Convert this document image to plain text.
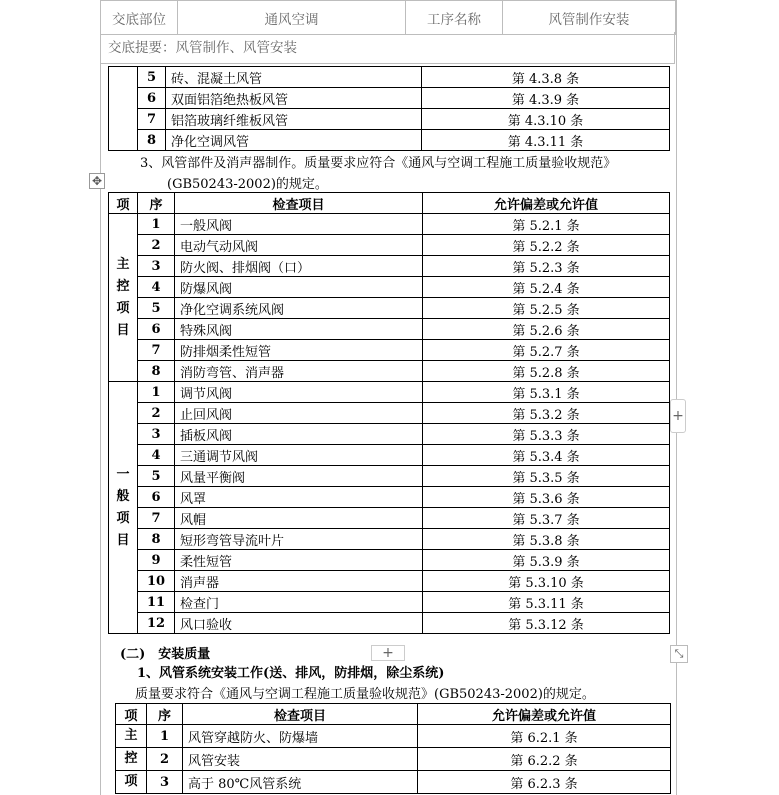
交底部位	通风空调	工序名称	风管制作安装
交底提要：风管制作、风管安装
	5	砖、混凝土风管	第 4.3.8 条
	6	双面铝箔绝热板风管	第 4.3.9 条
	7	铝箔玻璃纤维板风管	第 4.3.10 条
	8	净化空调风管	第 4.3.11 条
3、风管部件及消声器制作。质量要求应符合《通风与空调工程施工质量验收规范》
(GB50243-2002)的规定。
项	序	检查项目	允许偏差或允许值

主
控
项
目	1	一般风阀	第 5.2.1 条
	2	电动气动风阀	第 5.2.2 条
	3	防火阀、排烟阀（口）	第 5.2.3 条
	4	防爆风阀	第 5.2.4 条
	5	净化空调系统风阀	第 5.2.5 条
	6	特殊风阀	第 5.2.6 条
	7	防排烟柔性短管	第 5.2.7 条
	8	消防弯管、消声器	第 5.2.8 条

一
般
项
目	1	调节风阀	第 5.3.1 条
	2	止回风阀	第 5.3.2 条
	3	插板风阀	第 5.3.3 条
	4	三通调节风阀	第 5.3.4 条
	5	风量平衡阀	第 5.3.5 条
	6	风罩	第 5.3.6 条
	7	风帽	第 5.3.7 条
	8	短形弯管导流叶片	第 5.3.8 条
	9	柔性短管	第 5.3.9 条
	10	消声器	第 5.3.10 条
	11	检查门	第 5.3.11 条
	12	风口验收	第 5.3.12 条
(二)　安装质量
1、风管系统安装工作(送、排风，防排烟，除尘系统)
质量要求符合《通风与空调工程施工质量验收规范》(GB50243-2002)的规定。
项	序	检查项目	允许偏差或允许值
主	1	风管穿越防火、防爆墙	第 6.2.1 条
控	2	风管安装	第 6.2.2 条
项	3	高于 80℃风管系统	第 6.2.3 条
✥
+
+	⤡
